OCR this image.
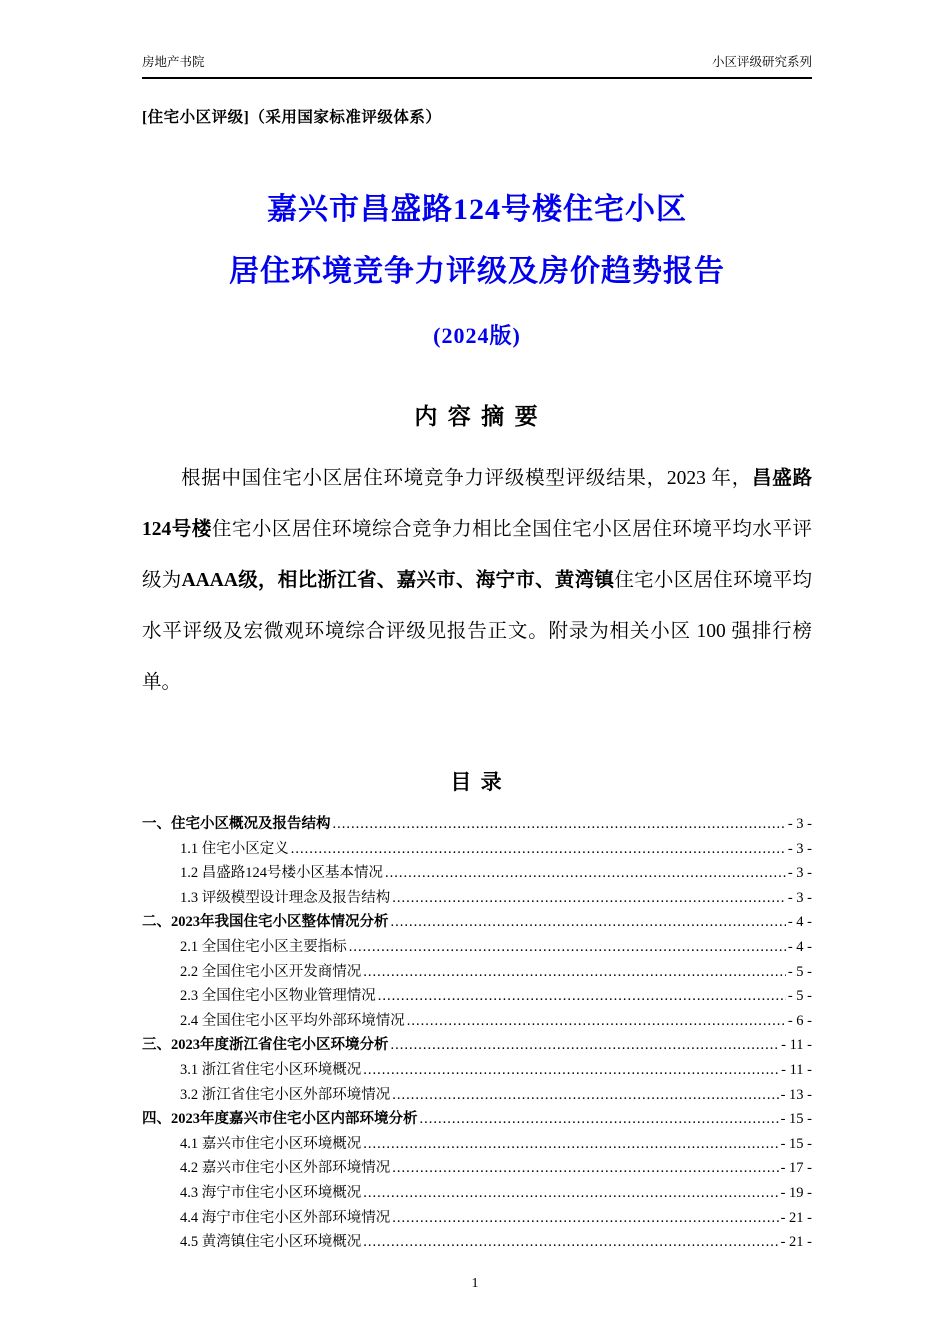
房地产书院	小区评级研究系列
[住宅小区评级]（采用国家标准评级体系）
嘉兴市昌盛路124号楼住宅小区
居住环境竞争力评级及房价趋势报告
(2024版)
内 容 摘 要

根据中国住宅小区居住环境竞争力评级模型评级结果，2023 年，昌盛路124号楼住宅小区居住环境综合竞争力相比全国住宅小区居住环境平均水平评级为AAAA级，相比浙江省、嘉兴市、海宁市、黄湾镇住宅小区居住环境平均水平评级及宏微观环境综合评级见报告正文。附录为相关小区 100 强排行榜单。

目 录
一、住宅小区概况及报告结构 .....	- 3 -
1.1 住宅小区定义 .....	- 3 -
1.2 昌盛路124号楼小区基本情况 .....	- 3 -
1.3 评级模型设计理念及报告结构 .....	- 3 -
二、2023年我国住宅小区整体情况分析 .....	- 4 -
2.1 全国住宅小区主要指标 .....	- 4 -
2.2 全国住宅小区开发商情况 .....	- 5 -
2.3 全国住宅小区物业管理情况 .....	- 5 -
2.4 全国住宅小区平均外部环境情况 .....	- 6 -
三、2023年度浙江省住宅小区环境分析 .....	- 11 -
3.1 浙江省住宅小区环境概况 .....	- 11 -
3.2 浙江省住宅小区外部环境情况 .....	- 13 -
四、2023年度嘉兴市住宅小区内部环境分析 .....	- 15 -
4.1 嘉兴市住宅小区环境概况 .....	- 15 -
4.2 嘉兴市住宅小区外部环境情况 .....	- 17 -
4.3 海宁市住宅小区环境概况 .....	- 19 -
4.4 海宁市住宅小区外部环境情况 .....	- 21 -
4.5 黄湾镇住宅小区环境概况 .....	- 21 -
1
